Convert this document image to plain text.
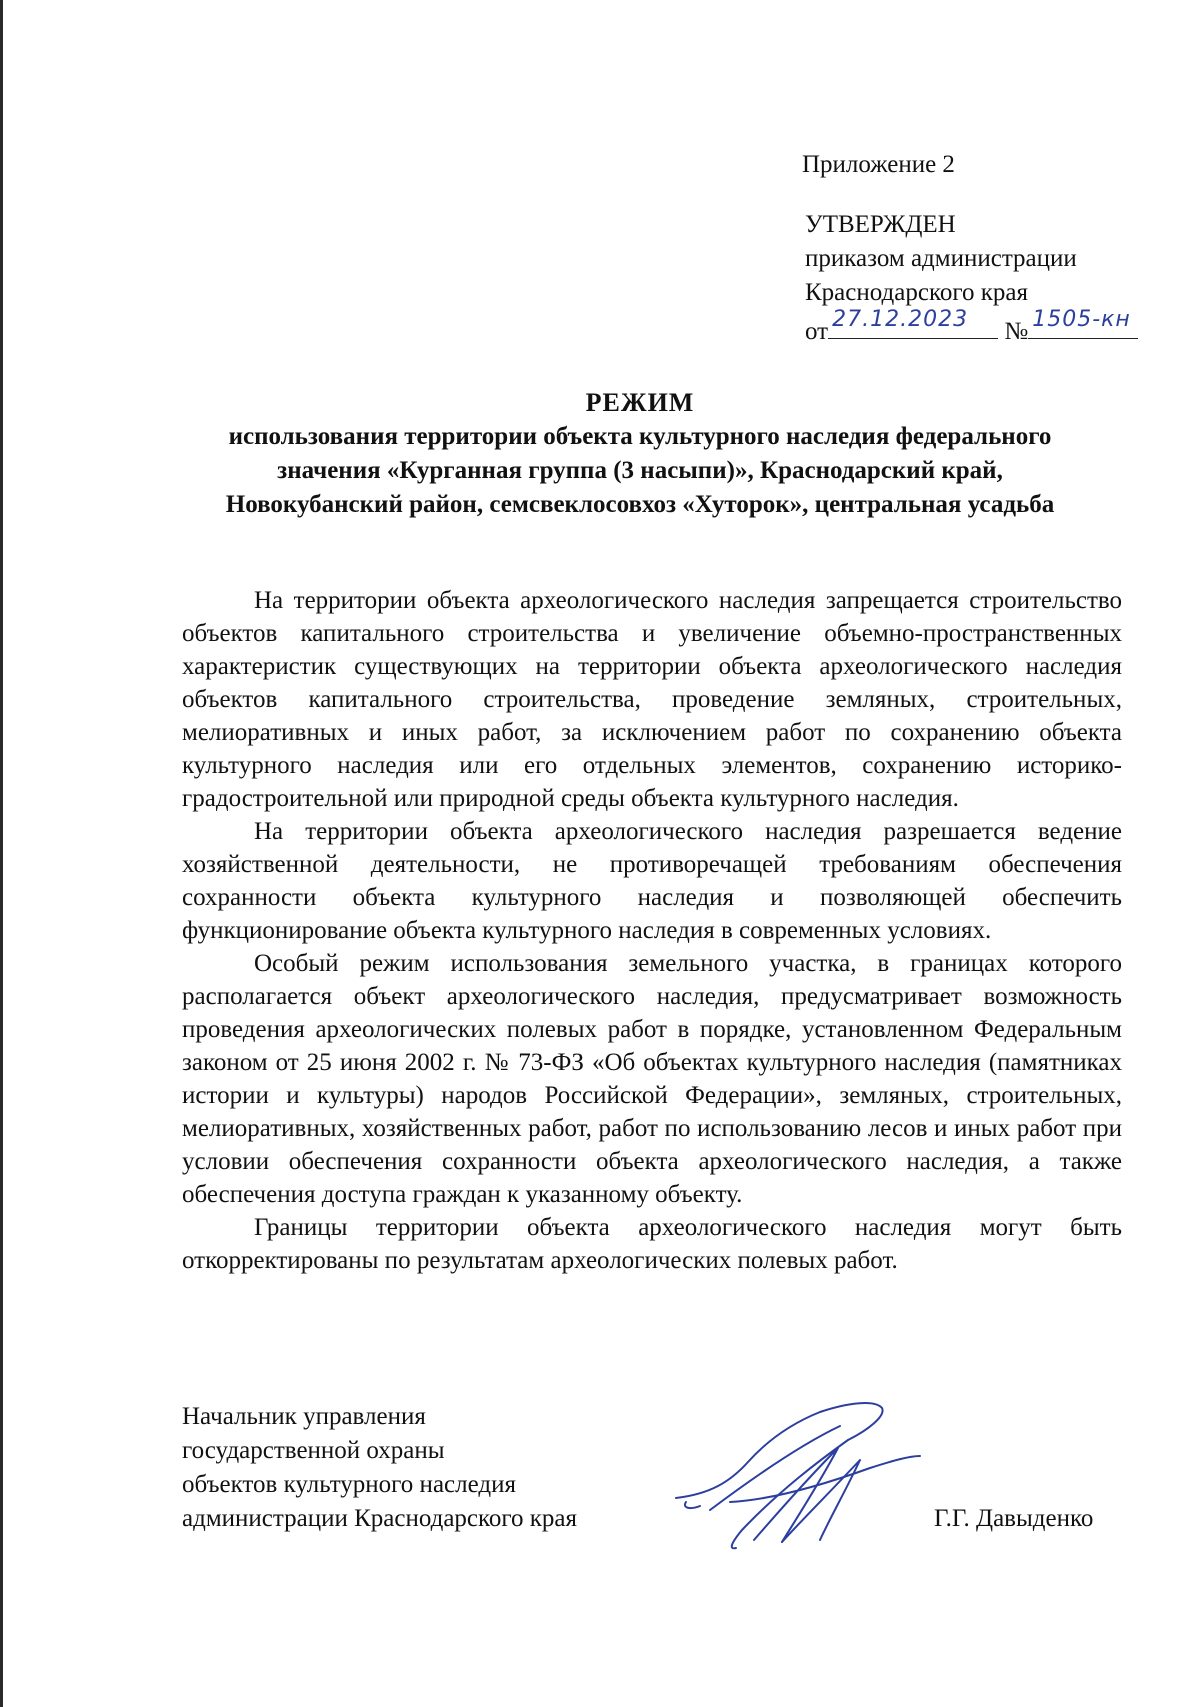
Приложение 2
УТВЕРЖДЕН
приказом администрации
Краснодарского края
от 27.12.2023 № 1505-кн
РЕЖИМ
использования территории объекта культурного наследия федерального
значения «Курганная группа (3 насыпи)», Краснодарский край,
Новокубанский район, семсвеклосовхоз «Хуторок», центральная усадьба

На территории объекта археологического наследия запрещается строительство объектов капитального строительства и увеличение объемно-пространственных характеристик существующих на территории объекта археологического наследия объектов капитального строительства, проведение земляных, строительных, мелиоративных и иных работ, за исключением работ по сохранению объекта культурного наследия или его отдельных элементов, сохранению историко-градостроительной или природной среды объекта культурного наследия.

На территории объекта археологического наследия разрешается ведение хозяйственной деятельности, не противоречащей требованиям обеспечения сохранности объекта культурного наследия и позволяющей обеспечить функционирование объекта культурного наследия в современных условиях.

Особый режим использования земельного участка, в границах которого располагается объект археологического наследия, предусматривает возможность проведения археологических полевых работ в порядке, установленном Федеральным законом от 25 июня 2002 г. № 73-ФЗ «Об объектах культурного наследия (памятниках истории и культуры) народов Российской Федерации», земляных, строительных, мелиоративных, хозяйственных работ, работ по использованию лесов и иных работ при условии обеспечения сохранности объекта археологического наследия, а также обеспечения доступа граждан к указанному объекту.

Границы территории объекта археологического наследия могут быть откорректированы по результатам археологических полевых работ.

Начальник управления
государственной охраны
объектов культурного наследия
администрации Краснодарского края	Г.Г. Давыденко
